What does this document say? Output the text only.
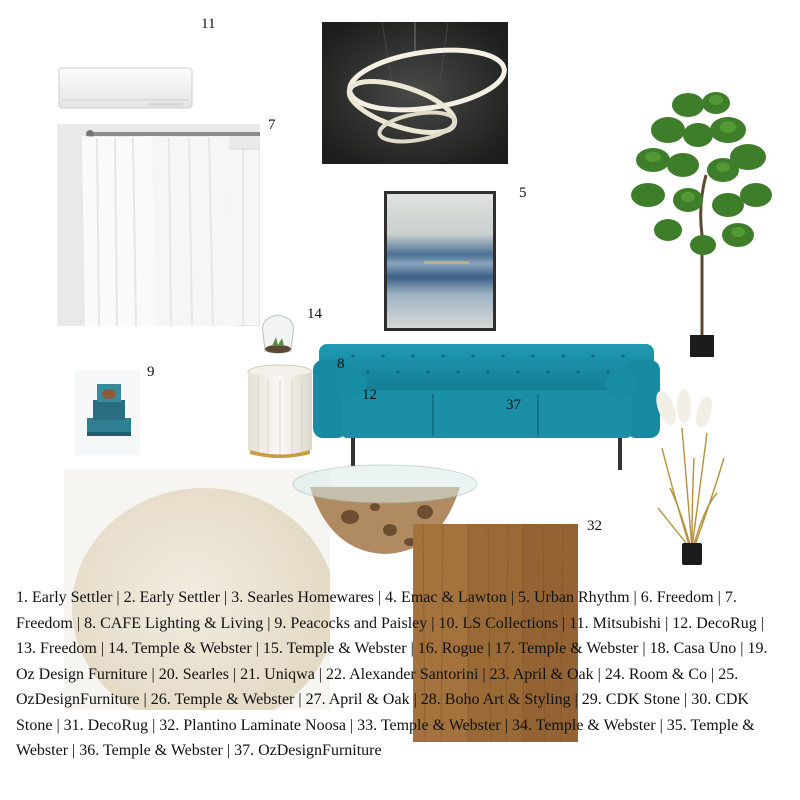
11
7
5
14
9	8
12
37
32
1. Early Settler | 2. Early Settler | 3. Searles Homewares | 4. Emac & Lawton | 5. Urban Rhythm | 6. Freedom | 7. Freedom | 8. CAFE Lighting & Living | 9. Peacocks and Paisley | 10. LS Collections | 11. Mitsubishi | 12. DecoRug | 13. Freedom | 14. Temple & Webster | 15. Temple & Webster | 16. Rogue | 17. Temple & Webster | 18. Casa Uno | 19. Oz Design Furniture | 20. Searles | 21. Uniqwa | 22. Alexander Santorini | 23. April & Oak | 24. Room & Co | 25. OzDesignFurniture | 26. Temple & Webster | 27. April & Oak | 28. Boho Art & Styling | 29. CDK Stone | 30. CDK Stone | 31. DecoRug | 32. Plantino Laminate Noosa | 33. Temple & Webster | 34. Temple & Webster | 35. Temple & Webster | 36. Temple & Webster | 37. OzDesignFurniture
